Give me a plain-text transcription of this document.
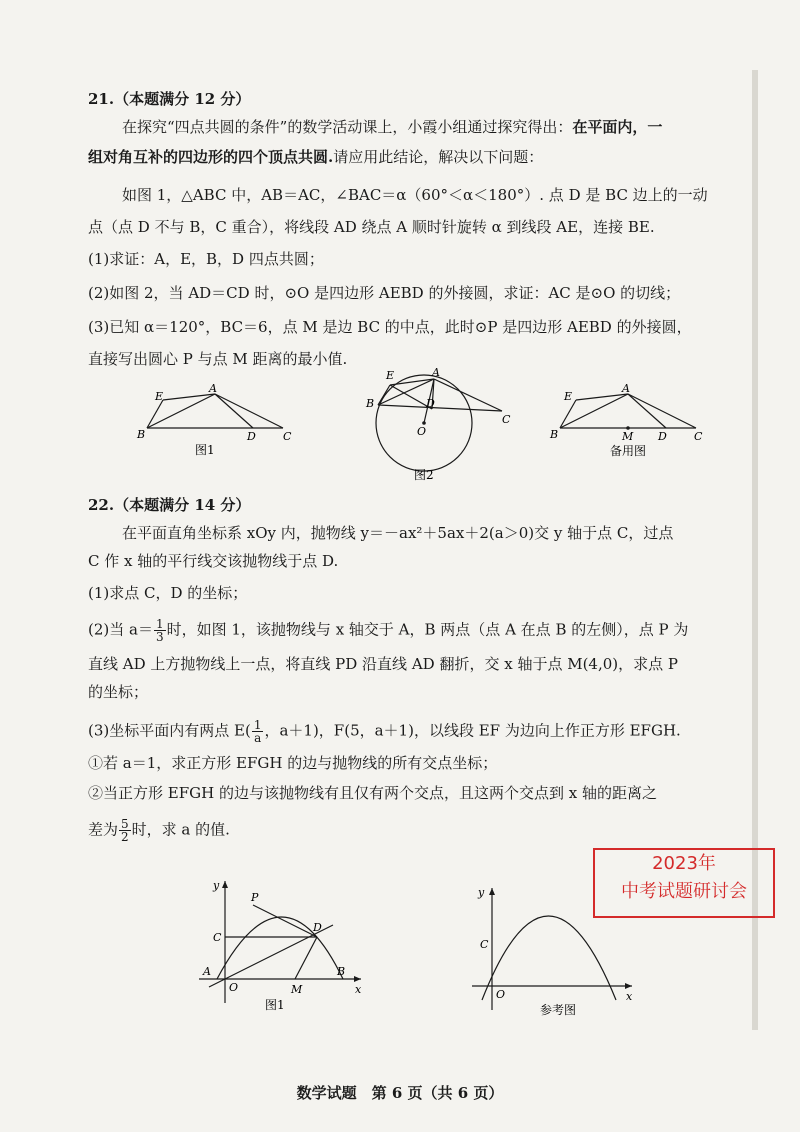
21.（本题满分 12 分）
在探究“四点共圆的条件”的数学活动课上，小霞小组通过探究得出：在平面内，一
组对角互补的四边形的四个顶点共圆.请应用此结论，解决以下问题：
如图 1，△ABC 中，AB＝AC，∠BAC＝α（60°＜α＜180°）. 点 D 是 BC 边上的一动
点（点 D 不与 B，C 重合），将线段 AD 绕点 A 顺时针旋转 α 到线段 AE，连接 BE.
(1)求证：A，E，B，D 四点共圆；
(2)如图 2，当 AD＝CD 时，⊙O 是四边形 AEBD 的外接圆，求证：AC 是⊙O 的切线；
(3)已知 α＝120°，BC＝6，点 M 是边 BC 的中点，此时⊙P 是四边形 AEBD 的外接圆，
直接写出圆心 P 与点 M 距离的最小值.
A
B
E
D C
图1
E	A
B	D
C
O
图2
A
B
E
M D C
备用图
22.（本题满分 14 分）
在平面直角坐标系 xOy 内，抛物线 y＝－ax²＋5ax＋2(a＞0)交 y 轴于点 C，过点
C 作 x 轴的平行线交该抛物线于点 D.
(1)求点 C，D 的坐标；
(2)当 $a= \frac{1}{3}$ 时，如图 1，该抛物线与 x 轴交于 A，B 两点（点 A 在点 B 的左侧），点 P 为
直线 AD 上方抛物线上一点，将直线 PD 沿直线 AD 翻折，交 x 轴于点 M(4,0)，求点 P
的坐标；
(3)坐标平面内有两点 $E( \frac{1}{a}$ ，a＋1)，F(5，a＋1)，以线段 EF 为边向上作正方形 EFGH.
①若 a＝1，求正方形 EFGH 的边与抛物线的所有交点坐标；
②当正方形 EFGH 的边与该抛物线有且仅有两个交点，且这两个交点到 x 轴的距离之
差为 $\frac{5}{2}$ 时，求 a 的值.
y
x
O
A	B
C
D
P
M
图1
y
x
O
C
参考图
2023年
中考试题研讨会
数学试题　第 6 页（共 6 页）
